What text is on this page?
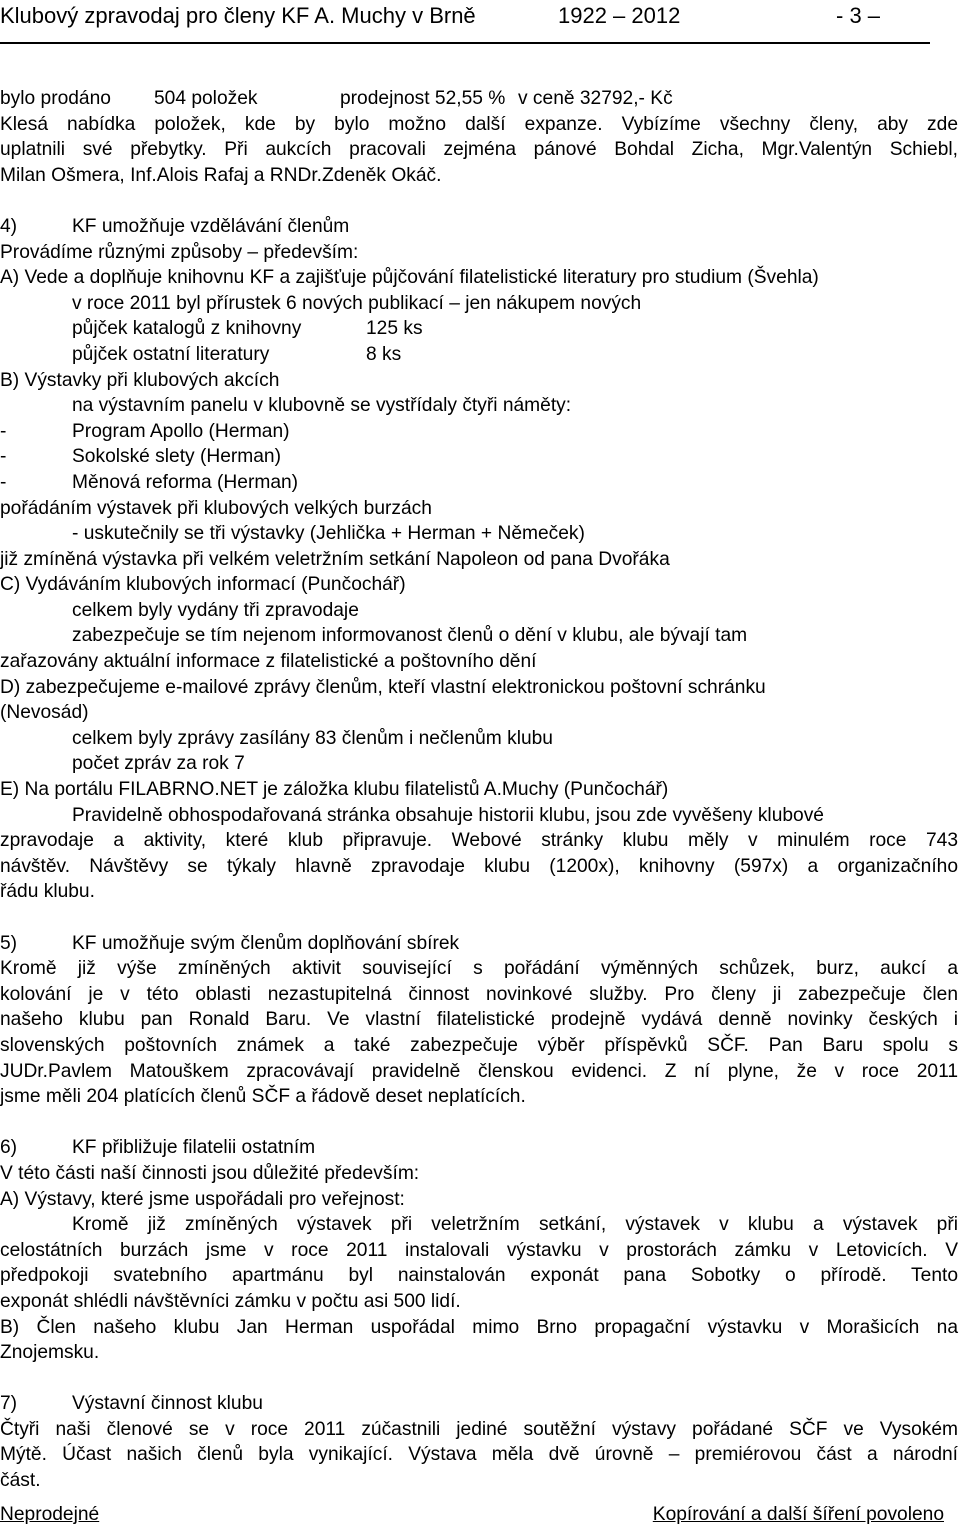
Klubový zpravodaj pro členy KF A. Muchy v Brně	1922 – 2012	- 3 –
bylo prodáno 504 položek	prodejnost 52,55 % v ceně 32792,- Kč
Klesá nabídka položek, kde by bylo možno další expanze. Vybízíme všechny členy, aby zde
uplatnili své přebytky. Při aukcích pracovali zejména pánové Bohdal Zicha, Mgr.Valentýn Schiebl,
Milan Ošmera, Inf.Alois Rafaj a RNDr.Zdeněk Okáč.
4)	KF umožňuje vzdělávání členům
Provádíme různými způsoby – především:
A) Vede a doplňuje knihovnu KF a zajišťuje půjčování filatelistické literatury pro studium (Švehla)
v roce 2011 byl přírustek 6 nových publikací – jen nákupem nových
půjček katalogů z knihovny	125 ks
půjček ostatní literatury	8 ks
B) Výstavky při klubových akcích
na výstavním panelu v klubovně se vystřídaly čtyři náměty:
-	Program Apollo (Herman)
-	Sokolské slety (Herman)
-	Měnová reforma (Herman)
pořádáním výstavek při klubových velkých burzách
- uskutečnily se tři výstavky (Jehlička + Herman + Němeček)
již zmíněná výstavka při velkém veletržním setkání Napoleon od pana Dvořáka
C) Vydáváním klubových informací (Punčochář)
celkem byly vydány tři zpravodaje
zabezpečuje se tím nejenom informovanost členů o dění v klubu, ale bývají tam
zařazovány aktuální informace z filatelistické a poštovního dění
D) zabezpečujeme e-mailové zprávy členům, kteří vlastní elektronickou poštovní schránku
(Nevosád)
celkem byly zprávy zasílány 83 členům i nečlenům klubu
počet zpráv za rok 7
E) Na portálu FILABRNO.NET je záložka klubu filatelistů A.Muchy (Punčochář)
Pravidelně obhospodařovaná stránka obsahuje historii klubu, jsou zde vyvěšeny klubové
zpravodaje a aktivity, které klub připravuje. Webové stránky klubu měly v minulém roce 743
návštěv. Návštěvy se týkaly hlavně zpravodaje klubu (1200x), knihovny (597x) a organizačního
řádu klubu.
5)	KF umožňuje svým členům doplňování sbírek
Kromě již výše zmíněných aktivit související s pořádání výměnných schůzek, burz, aukcí a
kolování je v této oblasti nezastupitelná činnost novinkové služby. Pro členy ji zabezpečuje člen
našeho klubu pan Ronald Baru. Ve vlastní filatelistické prodejně vydává denně novinky českých i
slovenských poštovních známek a také zabezpečuje výběr příspěvků SČF. Pan Baru spolu s
JUDr.Pavlem Matouškem zpracovávají pravidelně členskou evidenci. Z ní plyne, že v roce 2011
jsme měli 204 platících členů SČF a řádově deset neplatících.
6)	KF přibližuje filatelii ostatním
V této části naší činnosti jsou důležité především:
A) Výstavy, které jsme uspořádali pro veřejnost:
Kromě již zmíněných výstavek při veletržním setkání, výstavek v klubu a výstavek při
celostátních burzách jsme v roce 2011 instalovali výstavku v prostorách zámku v Letovicích. V
předpokoji svatebního apartmánu byl nainstalován exponát pana Sobotky o přírodě. Tento
exponát shlédli návštěvníci zámku v počtu asi 500 lidí.
B) Člen našeho klubu Jan Herman uspořádal mimo Brno propagační výstavku v Morašicích na
Znojemsku.
7)	Výstavní činnost klubu
Čtyři naši členové se v roce 2011 zúčastnili jediné soutěžní výstavy pořádané SČF ve Vysokém
Mýtě. Účast našich členů byla vynikající. Výstava měla dvě úrovně – premiérovou část a národní
část.
Neprodejné	Kopírování a další šíření povoleno
